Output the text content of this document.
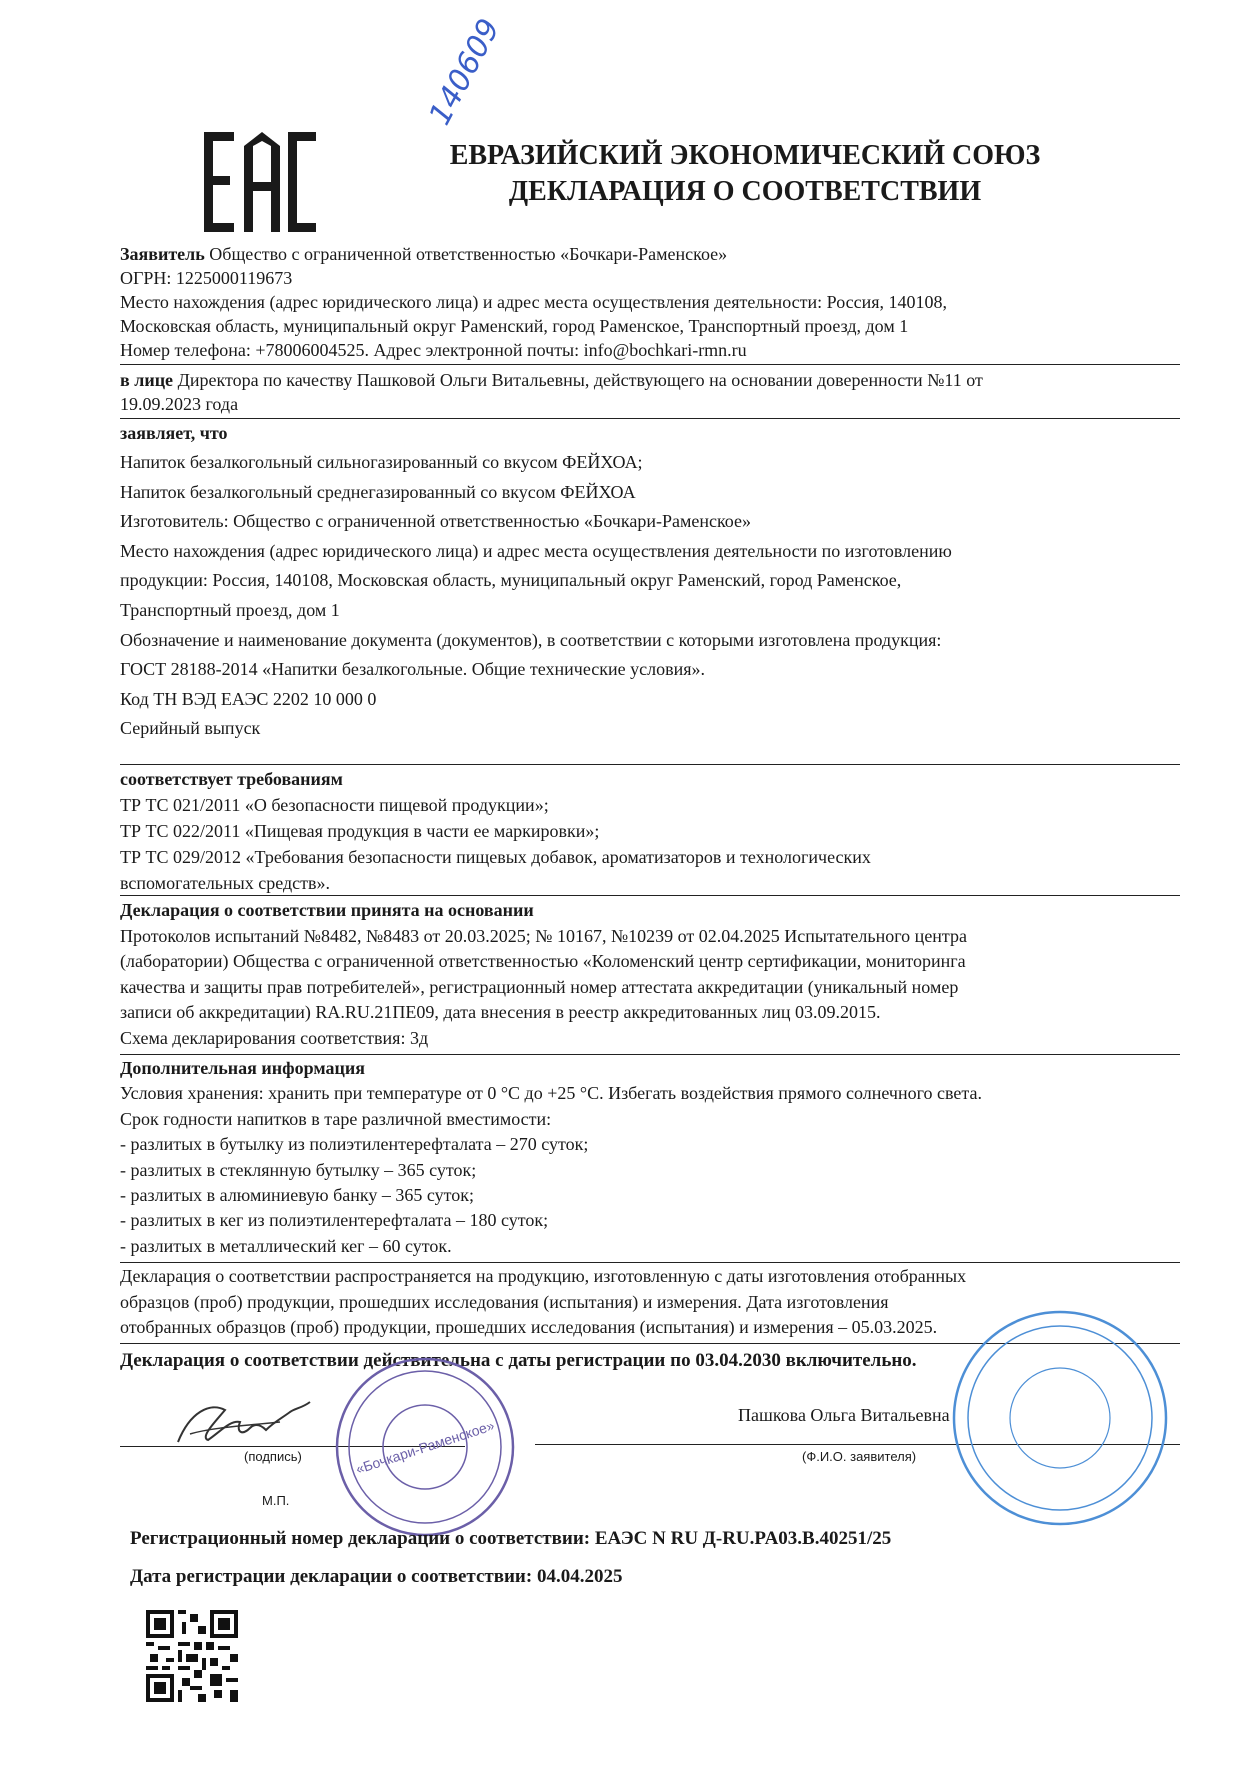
140609
ЕВРАЗИЙСКИЙ ЭКОНОМИЧЕСКИЙ СОЮЗ
ДЕКЛАРАЦИЯ О СООТВЕТСТВИИ
Заявитель Общество с ограниченной ответственностью «Бочкари-Раменское»
ОГРН: 1225000119673
Место нахождения (адрес юридического лица) и адрес места осуществления деятельности: Россия, 140108,
Московская область, муниципальный округ Раменский, город Раменское, Транспортный проезд, дом 1
Номер телефона: +78006004525. Адрес электронной почты: info@bochkari-rmn.ru
в лице Директора по качеству Пашковой Ольги Витальевны, действующего на основании доверенности №11 от
19.09.2023 года
заявляет, что
Напиток безалкогольный сильногазированный со вкусом ФЕЙХОА;
Напиток безалкогольный среднегазированный со вкусом ФЕЙХОА
Изготовитель: Общество с ограниченной ответственностью «Бочкари-Раменское»
Место нахождения (адрес юридического лица) и адрес места осуществления деятельности по изготовлению
продукции: Россия, 140108, Московская область, муниципальный округ Раменский, город Раменское,
Транспортный проезд, дом 1
Обозначение и наименование документа (документов), в соответствии с которыми изготовлена продукция:
ГОСТ 28188-2014 «Напитки безалкогольные. Общие технические условия».
Код ТН ВЭД ЕАЭС 2202 10 000 0
Серийный выпуск
соответствует требованиям
ТР ТС 021/2011 «О безопасности пищевой продукции»;
ТР ТС 022/2011 «Пищевая продукция в части ее маркировки»;
ТР ТС 029/2012 «Требования безопасности пищевых добавок, ароматизаторов и технологических
вспомогательных средств».
Декларация о соответствии принята на основании
Протоколов испытаний №8482, №8483 от 20.03.2025; № 10167, №10239 от 02.04.2025 Испытательного центра
(лаборатории) Общества с ограниченной ответственностью «Коломенский центр сертификации, мониторинга
качества и защиты прав потребителей», регистрационный номер аттестата аккредитации (уникальный номер
записи об аккредитации) RA.RU.21ПЕ09, дата внесения в реестр аккредитованных лиц 03.09.2015.
Схема декларирования соответствия: 3д
Дополнительная информация
Условия хранения: хранить при температуре от 0 °С до +25 °С. Избегать воздействия прямого солнечного света.
Срок годности напитков в таре различной вместимости:
- разлитых в бутылку из полиэтилентерефталата – 270 суток;
- разлитых в стеклянную бутылку – 365 суток;
- разлитых в алюминиевую банку – 365 суток;
- разлитых в кег из полиэтилентерефталата – 180 суток;
- разлитых в металлический кег – 60 суток.
Декларация о соответствии распространяется на продукцию, изготовленную с даты изготовления отобранных
образцов (проб) продукции, прошедших исследования (испытания) и измерения. Дата изготовления
отобранных образцов (проб) продукции, прошедших исследования (испытания) и измерения – 05.03.2025.
Декларация о соответствии действительна с даты регистрации по 03.04.2030 включительно.
(подпись)
М.П.
Пашкова Ольга Витальевна
(Ф.И.О. заявителя)
«Бочкари-Раменское»
Регистрационный номер декларации о соответствии: ЕАЭС N RU Д-RU.PA03.B.40251/25
Дата регистрации декларации о соответствии: 04.04.2025
